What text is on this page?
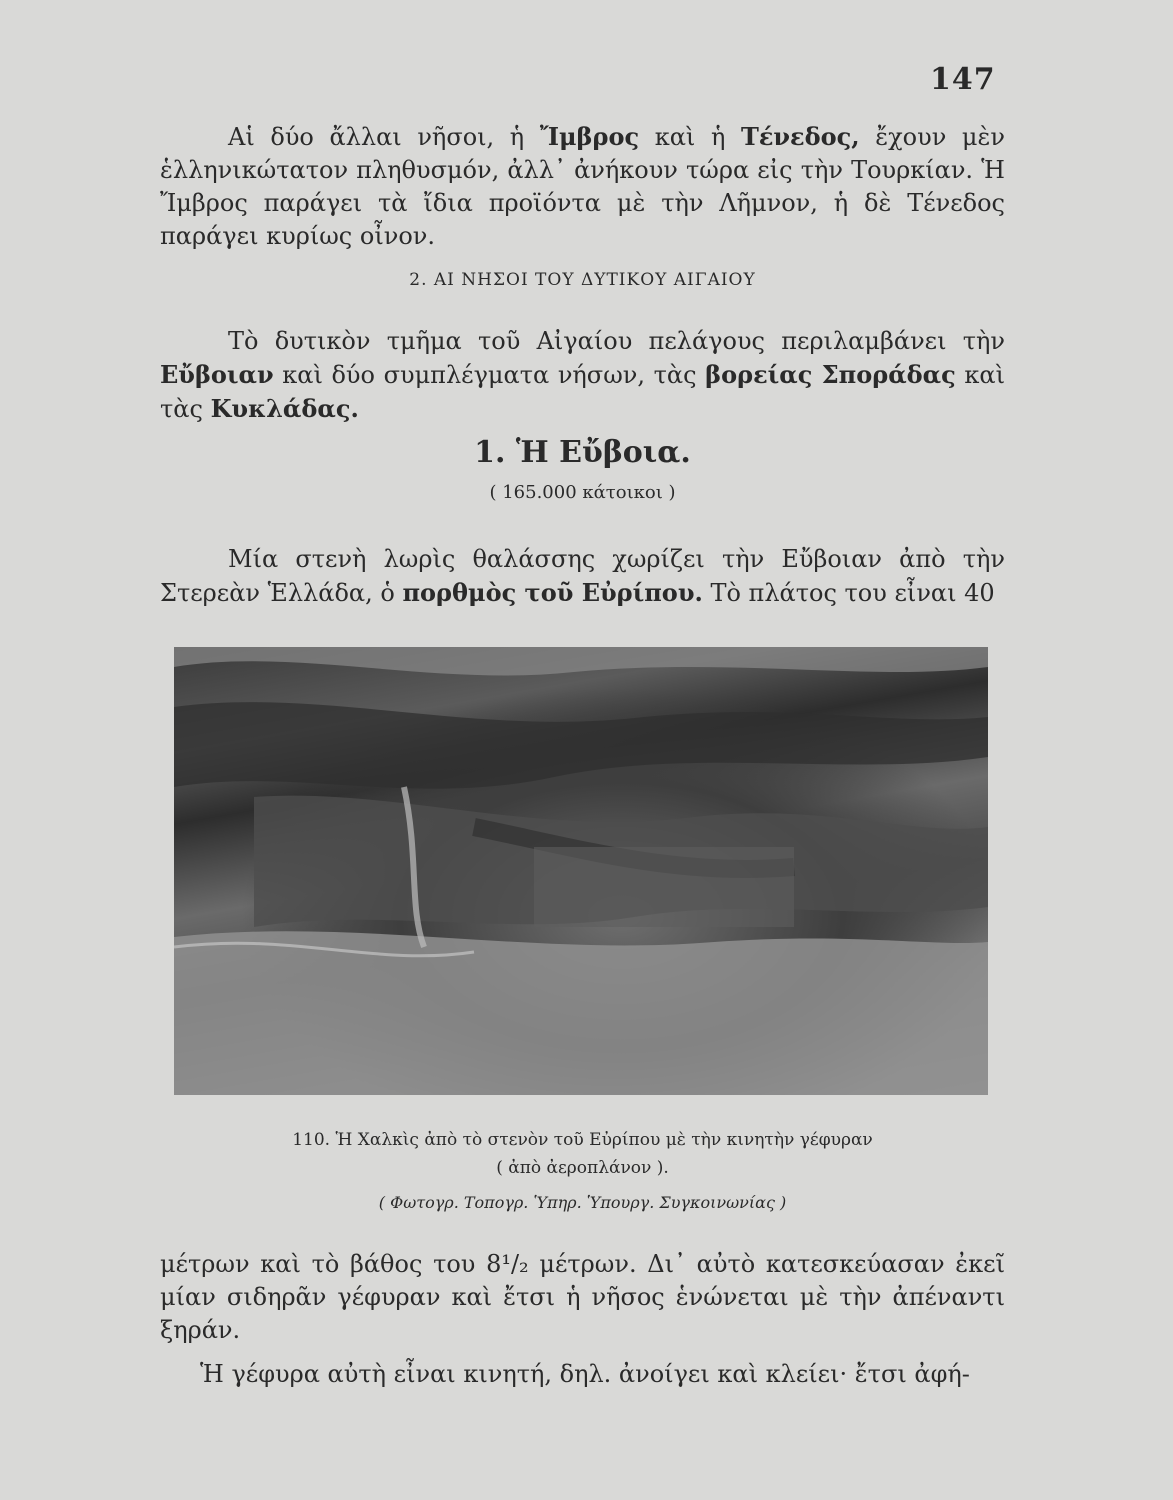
147
Αἱ δύο ἄλλαι νῆσοι, ἡ Ἴμβρος καὶ ἡ Τένεδος, ἔχουν μὲν ἑλληνικώτατον πληθυσμόν, ἀλλ᾽ ἀνήκουν τώρα εἰς τὴν Τουρκίαν. Ἡ Ἴμβρος παράγει τὰ ἴδια προϊόντα μὲ τὴν Λῆμνον, ἡ δὲ Τένεδος παράγει κυρίως οἶνον.
2. ΑΙ ΝΗΣΟΙ ΤΟΥ ΔΥΤΙΚΟΥ ΑΙΓΑΙΟΥ
Τὸ δυτικὸν τμῆμα τοῦ Αἰγαίου πελάγους περιλαμβάνει τὴν Εὔβοιαν καὶ δύο συμπλέγματα νήσων, τὰς βορείας Σποράδας καὶ τὰς Κυκλάδας.
1. Ἡ Εὔβοια.
( 165.000 κάτοικοι )
Μία στενὴ λωρὶς θαλάσσης χωρίζει τὴν Εὔβοιαν ἀπὸ τὴν Στερεὰν Ἑλλάδα, ὁ πορθμὸς τοῦ Εὐρίπου. Τὸ πλάτος του εἶναι 40
110. Ἡ Χαλκὶς ἀπὸ τὸ στενὸν τοῦ Εὐρίπου μὲ τὴν κινητὴν γέφυραν
( ἀπὸ ἀεροπλάνον ).
( Φωτογρ. Τοπογρ. Ὑπηρ. Ὑπουργ. Συγκοινωνίας )
μέτρων καὶ τὸ βάθος του 8¹/₂ μέτρων. Δι᾽ αὐτὸ κατεσκεύασαν ἐκεῖ μίαν σιδηρᾶν γέφυραν καὶ ἔτσι ἡ νῆσος ἑνώνεται μὲ τὴν ἀπέναντι ξηράν.
Ἡ γέφυρα αὐτὴ εἶναι κινητή, δηλ. ἀνοίγει καὶ κλείει· ἔτσι ἀφή-
